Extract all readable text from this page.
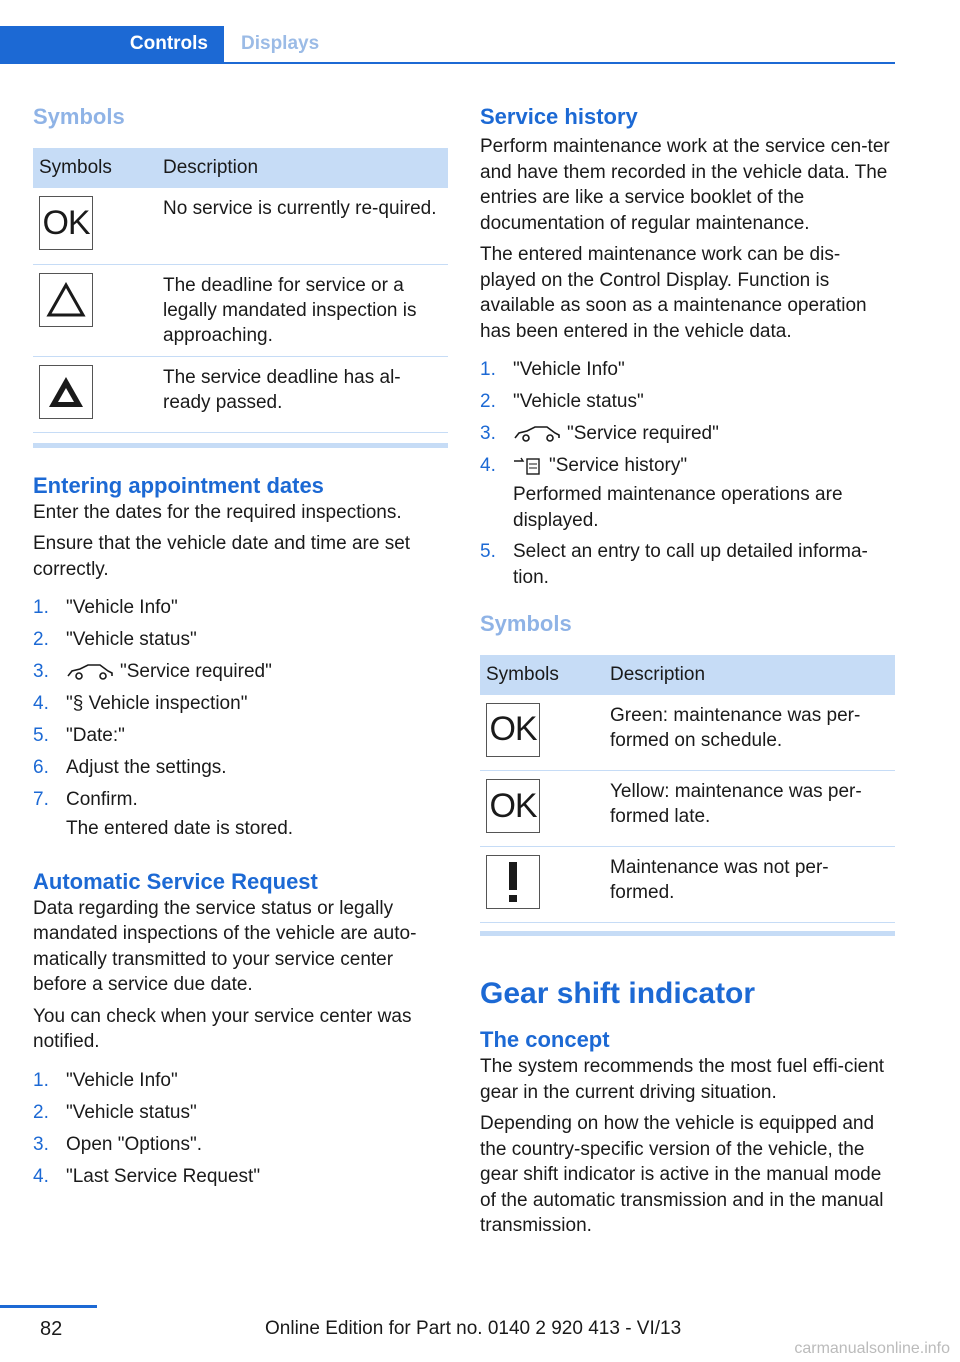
Controls	Displays
Symbols
Symbols	Description

OK	No service is currently re-quired.

	The deadline for service or a legally mandated inspection is approaching.

	The service deadline has al-ready passed.
Entering appointment dates

Enter the dates for the required inspections.

Ensure that the vehicle date and time are set correctly.

1. "Vehicle Info"
2. "Vehicle status"
3.	"Service required"
4. "§ Vehicle inspection"
5. "Date:"
6. Adjust the settings.
7. Confirm.
The entered date is stored.
Automatic Service Request

Data regarding the service status or legally mandated inspections of the vehicle are auto-matically transmitted to your service center before a service due date.

You can check when your service center was notified.

1. "Vehicle Info"
2. "Vehicle status"
3. Open "Options".
4. "Last Service Request"
Service history

Perform maintenance work at the service cen-ter and have them recorded in the vehicle data. The entries are like a service booklet of the documentation of regular maintenance.

The entered maintenance work can be dis-played on the Control Display. Function is available as soon as a maintenance operation has been entered in the vehicle data.

1. "Vehicle Info"
2. "Vehicle status"
3.	"Service required"
4.	"Service history"
Performed maintenance operations are displayed.
5. Select an entry to call up detailed informa-tion.
Symbols
Symbols	Description

OK	Green: maintenance was per-formed on schedule.

OK	Yellow: maintenance was per-formed late.

	Maintenance was not per-formed.
Gear shift indicator
The concept

The system recommends the most fuel effi-cient gear in the current driving situation.

Depending on how the vehicle is equipped and the country-specific version of the vehicle, the gear shift indicator is active in the manual mode of the automatic transmission and in the manual transmission.

82	Online Edition for Part no. 0140 2 920 413 - VI/13
carmanualsonline.info
